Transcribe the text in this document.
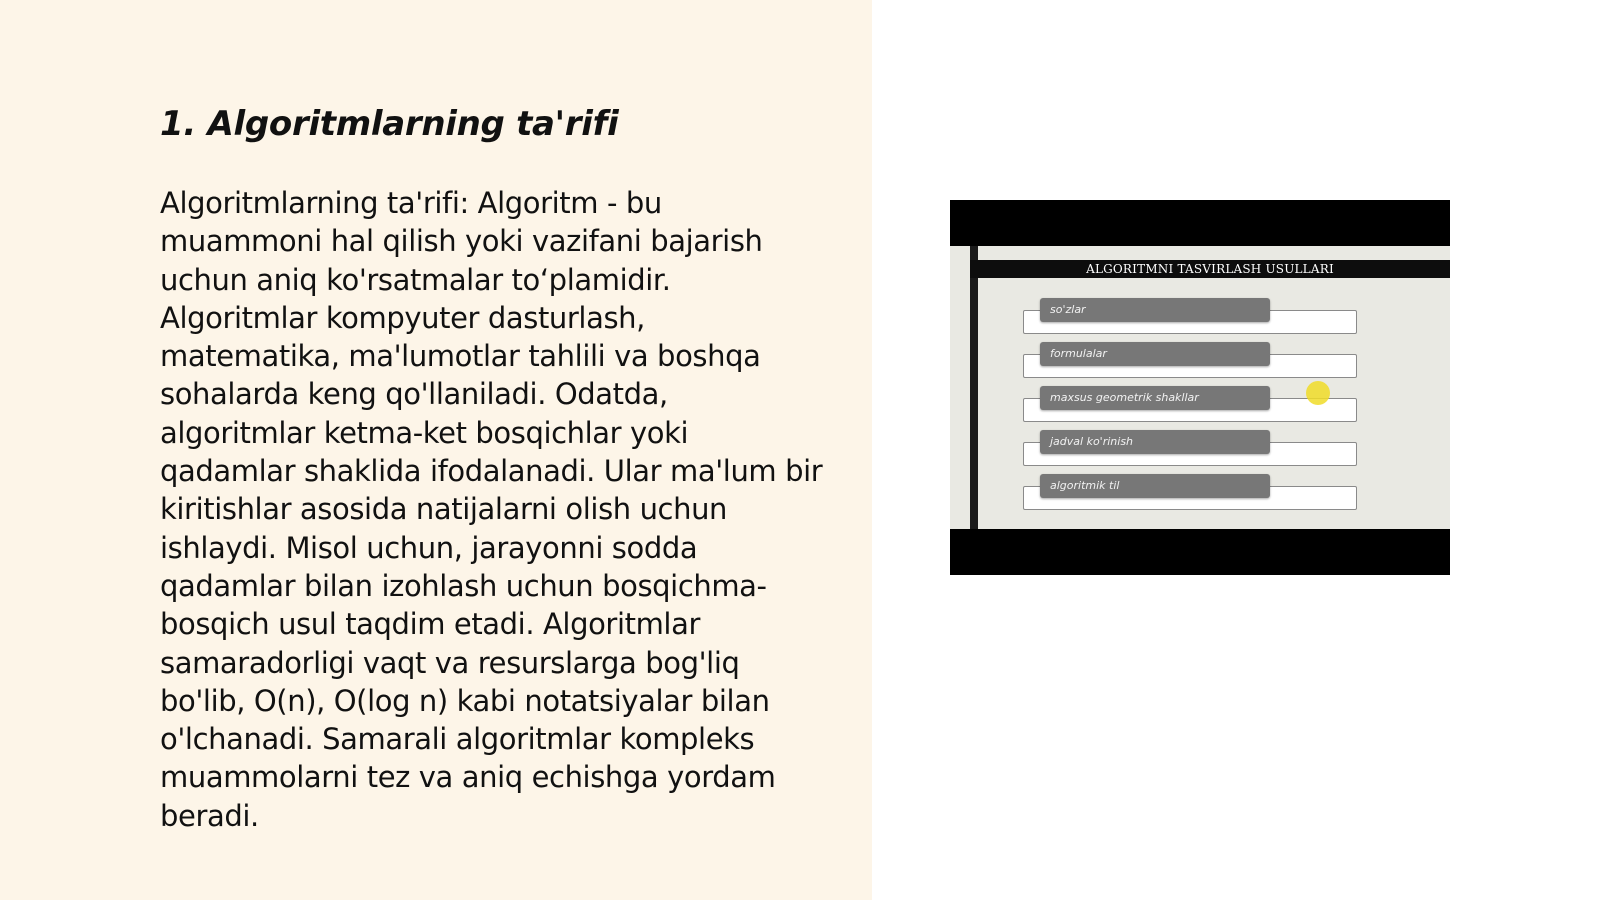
1. Algoritmlarning ta'rifi

Algoritmlarning ta'rifi: Algoritm - bu muammoni hal qilish yoki vazifani bajarish uchun aniq ko'rsatmalar to‘plamidir. Algoritmlar kompyuter dasturlash, matematika, ma'lumotlar tahlili va boshqa sohalarda keng qo'llaniladi. Odatda, algoritmlar ketma-ket bosqichlar yoki qadamlar shaklida ifodalanadi. Ular ma'lum bir kiritishlar asosida natijalarni olish uchun ishlaydi. Misol uchun, jarayonni sodda qadamlar bilan izohlash uchun bosqichma-bosqich usul taqdim etadi. Algoritmlar samaradorligi vaqt va resurslarga bog'liq bo'lib, O(n), O(log n) kabi notatsiyalar bilan o'lchanadi. Samarali algoritmlar kompleks muammolarni tez va aniq echishga yordam beradi.

ALGORITMNI TASVIRLASH USULLARI
so'zlar
formulalar
maxsus geometrik shakllar
jadval ko'rinish
algoritmik til
